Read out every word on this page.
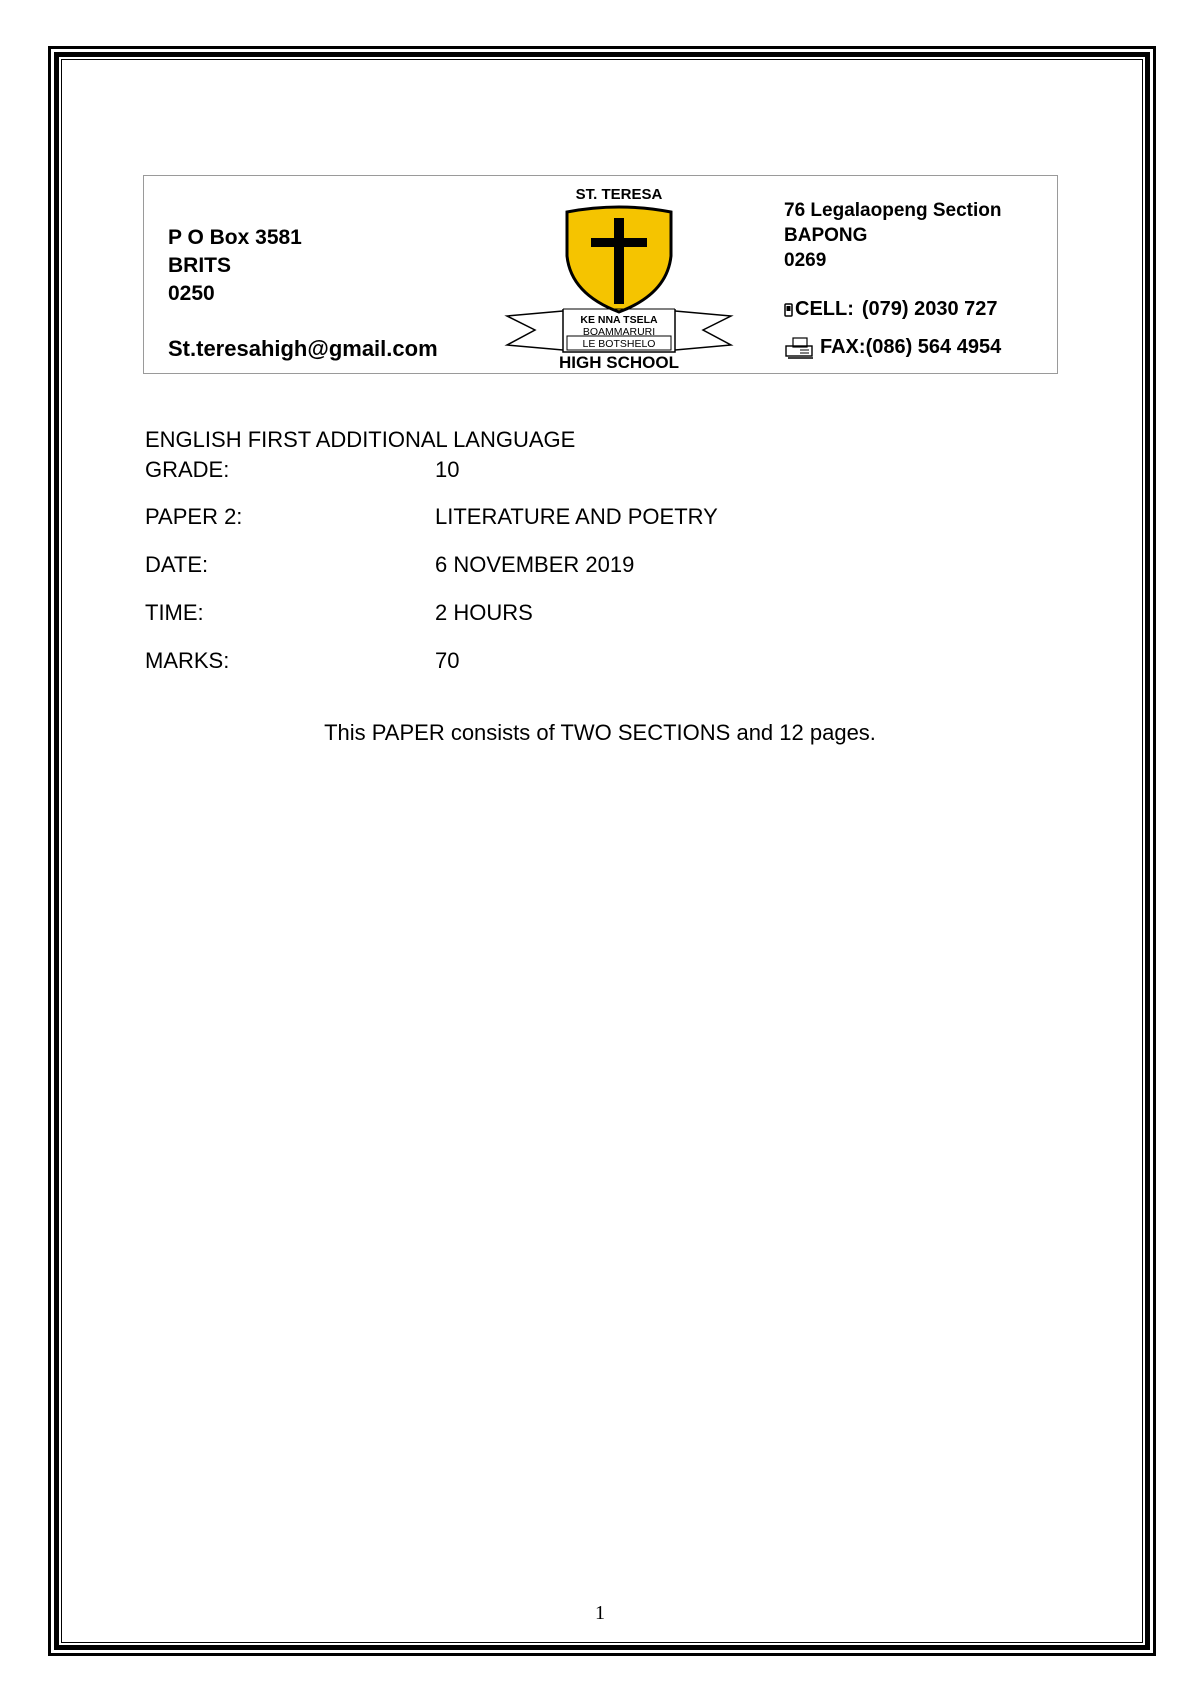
P O Box 3581
BRITS
0250
St.teresahigh@gmail.com
ST. TERESA
KE NNA TSELA
BOAMMARURI
LE BOTSHELO
HIGH SCHOOL
76 Legalaopeng Section
BAPONG
0269
CELL: (079) 2030 727
FAX:(086) 564 4954
ENGLISH FIRST ADDITIONAL LANGUAGE
GRADE:	10
PAPER 2:	LITERATURE AND POETRY
DATE:	6 NOVEMBER 2019
TIME:	2 HOURS
MARKS:	70
This PAPER consists of TWO SECTIONS and 12 pages.
1
